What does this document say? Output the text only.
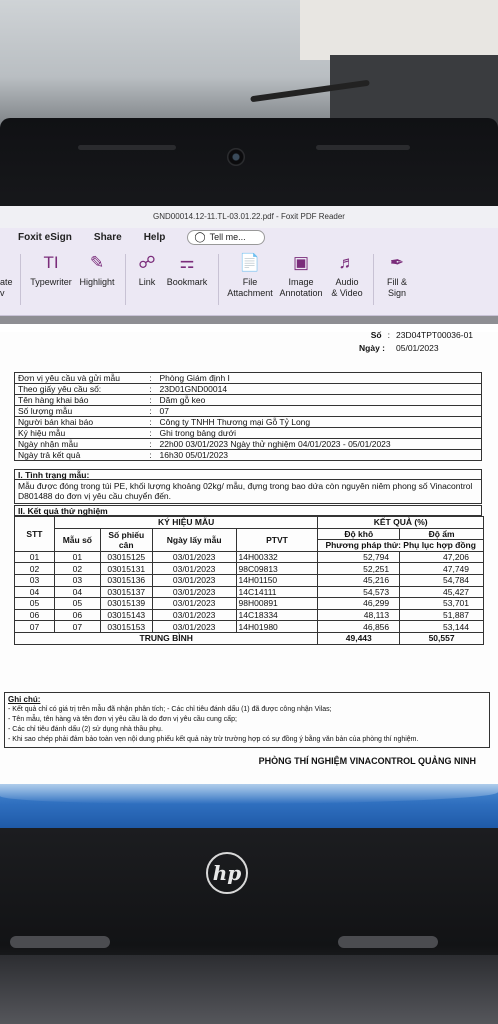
GND00014.12-11.TL-03.01.22.pdf - Foxit PDF Reader
Foxit eSign Share Help	◯ Tell me...
ate
v
TI
Typewriter
✎
Highlight
☍
Link
⚎
Bookmark
📄
File
Attachment
▣
Image
Annotation
♬
Audio
& Video
✒
Fill &
Sign
Số : 23D04TPT00036-01
Ngày : 05/01/2023
Đơn vị yêu cầu và gửi mẫu	:	Phòng Giám định I
Theo giấy yêu cầu số:	:	23D01GND00014
Tên hàng khai báo	:	Dăm gỗ keo
Số lượng mẫu	:	07
Người bán khai báo	:	Công ty TNHH Thương mại Gỗ Tỷ Long
Ký hiệu mẫu	:	Ghi trong bảng dưới
Ngày nhận mẫu	:	22h00 03/01/2023 Ngày thử nghiệm 04/01/2023 - 05/01/2023
Ngày trả kết quả	:	16h30 05/01/2023
I. Tình trạng mẫu:
Mẫu được đóng trong túi PE, khối lượng khoảng 02kg/ mẫu, đựng trong bao dứa còn nguyên niêm phong số Vinacontrol D801488 do đơn vị yêu cầu chuyển đến.
II. Kết quả thử nghiệm
STT	KÝ HIỆU MẪU				KẾT QUẢ (%)	
	Mẫu số	Số phiếu cân	Ngày lấy mẫu	PTVT	Độ khô	Độ ẩm
					Phương pháp thử: Phụ lục hợp đồng	
01	01	03015125	03/01/2023	14H00332	52,794	47,206
02	02	03015131	03/01/2023	98C09813	52,251	47,749
03	03	03015136	03/01/2023	14H01150	45,216	54,784
04	04	03015137	03/01/2023	14C14111	54,573	45,427
05	05	03015139	03/01/2023	98H00891	46,299	53,701
06	06	03015143	03/01/2023	14C18334	48,113	51,887
07	07	03015153	03/01/2023	14H01980	46,856	53,144
TRUNG BÌNH					49,443	50,557
Ghi chú:
- Kết quả chỉ có giá trị trên mẫu đã nhận phân tích; - Các chỉ tiêu đánh dấu (1) đã được công nhận Vilas;
- Tên mẫu, tên hàng và tên đơn vị yêu cầu là do đơn vị yêu cầu cung cấp;
- Các chỉ tiêu đánh dấu (2) sử dụng nhà thầu phụ.
- Khi sao chép phải đảm bảo toàn vẹn nội dung phiếu kết quả này trừ trường hợp có sự đồng ý bằng văn bản của phòng thí nghiệm.
PHÒNG THÍ NGHIỆM VINACONTROL QUẢNG NINH
hp
